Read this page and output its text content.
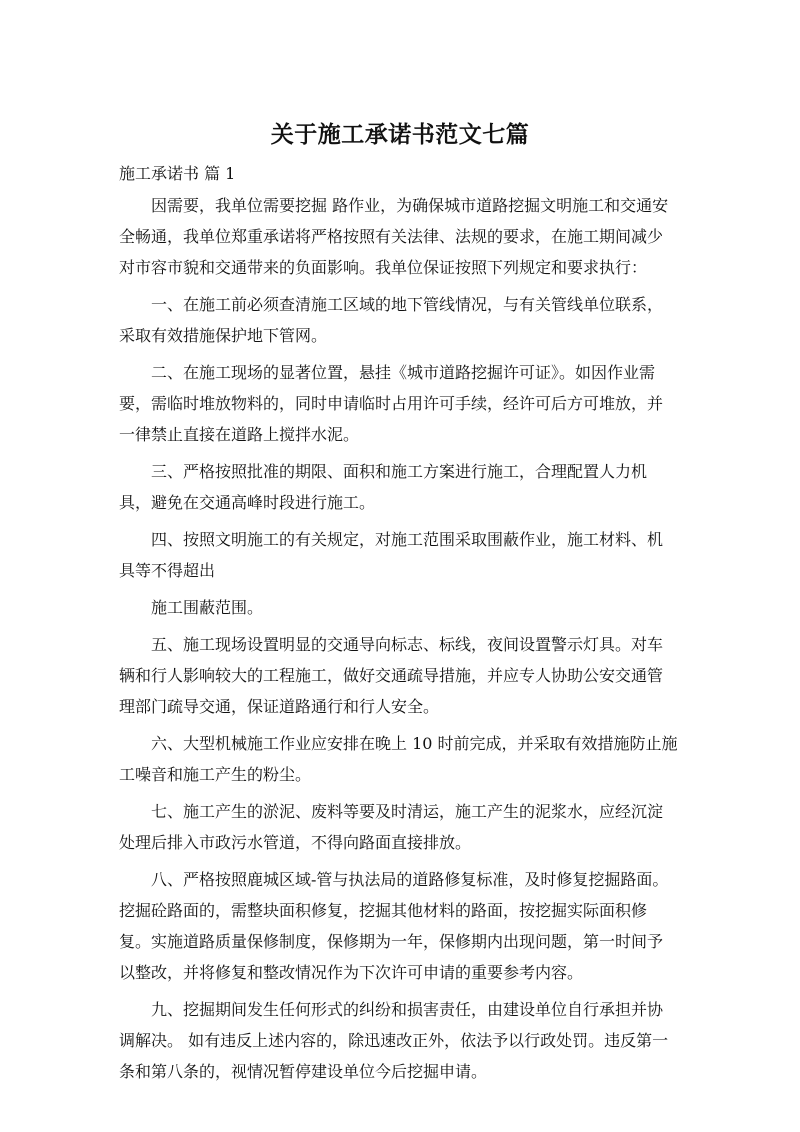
关于施工承诺书范文七篇
施工承诺书 篇 1

因需要，我单位需要挖掘 路作业，为确保城市道路挖掘文明施工和交通安
全畅通，我单位郑重承诺将严格按照有关法律、法规的要求，在施工期间减少
对市容市貌和交通带来的负面影响。我单位保证按照下列规定和要求执行：

一、在施工前必须查清施工区域的地下管线情况，与有关管线单位联系，
采取有效措施保护地下管网。

二、在施工现场的显著位置，悬挂《城市道路挖掘许可证》。如因作业需
要，需临时堆放物料的，同时申请临时占用许可手续，经许可后方可堆放，并
一律禁止直接在道路上搅拌水泥。

三、严格按照批准的期限、面积和施工方案进行施工，合理配置人力机
具，避免在交通高峰时段进行施工。

四、按照文明施工的有关规定，对施工范围采取围蔽作业，施工材料、机
具等不得超出

施工围蔽范围。

五、施工现场设置明显的交通导向标志、标线，夜间设置警示灯具。对车
辆和行人影响较大的工程施工，做好交通疏导措施，并应专人协助公安交通管
理部门疏导交通，保证道路通行和行人安全。

六、大型机械施工作业应安排在晚上 10 时前完成，并采取有效措施防止施
工噪音和施工产生的粉尘。

七、施工产生的淤泥、废料等要及时清运，施工产生的泥浆水，应经沉淀
处理后排入市政污水管道，不得向路面直接排放。

八、严格按照鹿城区域-管与执法局的道路修复标准，及时修复挖掘路面。
挖掘砼路面的，需整块面积修复，挖掘其他材料的路面，按挖掘实际面积修
复。实施道路质量保修制度，保修期为一年，保修期内出现问题，第一时间予
以整改，并将修复和整改情况作为下次许可申请的重要参考内容。

九、挖掘期间发生任何形式的纠纷和损害责任，由建设单位自行承担并协
调解决。 如有违反上述内容的，除迅速改正外，依法予以行政处罚。违反第一
条和第八条的，视情况暂停建设单位今后挖掘申请。
